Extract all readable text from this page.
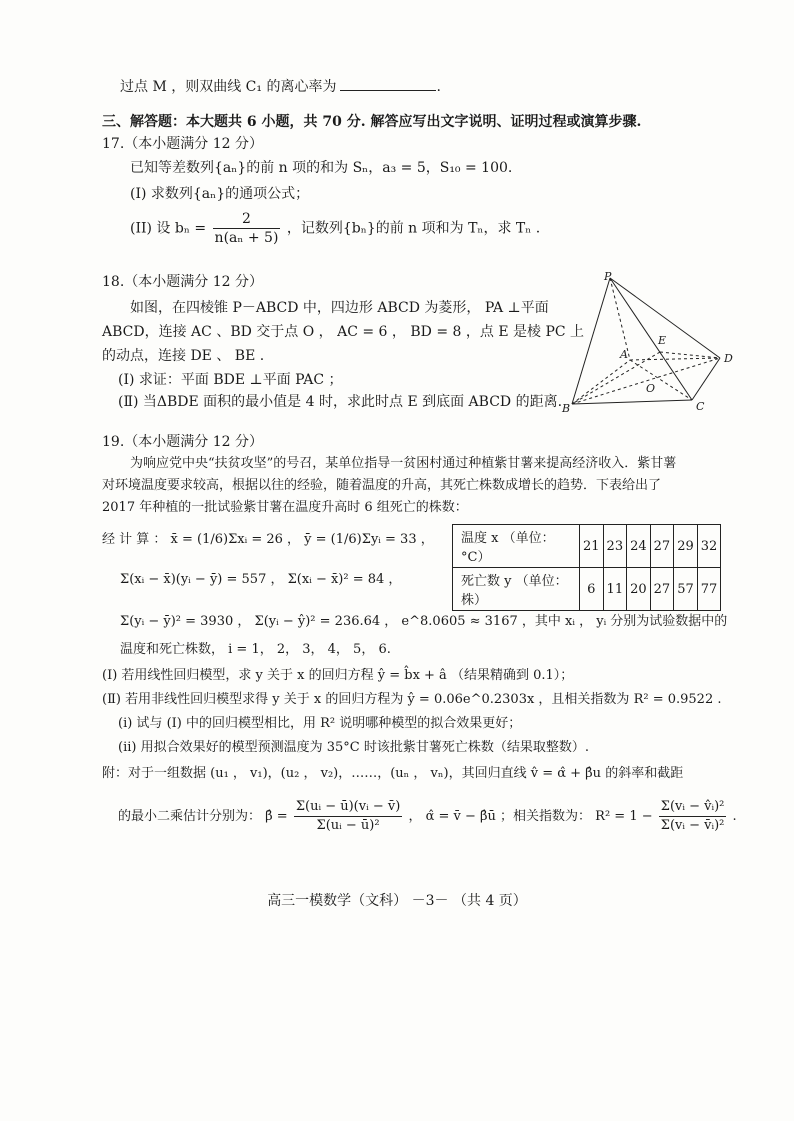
过点 M ，则双曲线 C₁ 的离心率为	.
三、解答题：本大题共 6 小题，共 70 分. 解答应写出文字说明、证明过程或演算步骤.
17.（本小题满分 12 分）
已知等差数列{aₙ}的前 n 项的和为 Sₙ，a₃ = 5，S₁₀ = 100.
(I) 求数列{aₙ}的通项公式；
(II) 设 $b_n = \frac{2}{\text{n(aₙ + 5)}}$ ，记数列{bₙ}的前 n 项和为 Tₙ，求 Tₙ .
18.（本小题满分 12 分）
如图，在四棱锥 P－ABCD 中，四边形 ABCD 为菱形， PA ⊥平面
ABCD，连接 AC 、BD 交于点 O ， AC = 6 ， BD = 8 ，点 E 是棱 PC 上
的动点，连接 DE 、 BE .
(Ⅰ) 求证：平面 BDE ⊥平面 PAC ；
(Ⅱ) 当ΔBDE 面积的最小值是 4 时，求此时点 E 到底面 ABCD 的距离.
P
A
B	C
D
E
O
19.（本小题满分 12 分）
为响应党中央“扶贫攻坚”的号召，某单位指导一贫困村通过种植紫甘薯来提高经济收入．紫甘薯
对环境温度要求较高，根据以往的经验，随着温度的升高，其死亡株数成增长的趋势．下表给出了
2017 年种植的一批试验紫甘薯在温度升高时 6 组死亡的株数：
经 计 算 ： x̄ = (1/6)Σxᵢ = 26 ， ȳ = (1/6)Σyᵢ = 33 ，
Σ(xᵢ − x̄)(yᵢ − ȳ) = 557 ， Σ(xᵢ − x̄)² = 84 ，
Σ(yᵢ − ȳ)² = 3930 ， Σ(yᵢ − ŷ)² = 236.64 ， e^8.0605 ≈ 3167 ，其中 xᵢ ， yᵢ 分别为试验数据中的
温度和死亡株数， i = 1， 2， 3， 4， 5， 6.
温度 x （单位： °C）	21	23	24	27	29	32
死亡数 y （单位：株）	6	11	20	27	57	77
(Ⅰ) 若用线性回归模型，求 y 关于 x 的回归方程 ŷ = b̂x + â （结果精确到 0.1）；
(Ⅱ) 若用非线性回归模型求得 y 关于 x 的回归方程为 ŷ = 0.06e^0.2303x ，且相关指数为 R² = 0.9522 .
(i) 试与 (Ⅰ) 中的回归模型相比，用 R² 说明哪种模型的拟合效果更好；
(ii) 用拟合效果好的模型预测温度为 35°C 时该批紫甘薯死亡株数（结果取整数）.
附：对于一组数据 (u₁ ， v₁)，(u₂ ， v₂)，……，(uₙ ， vₙ)，其回归直线 v̂ = α̂ + β̂u 的斜率和截距
的最小二乘估计分别为： β̂ = $\frac{\text{Σ(uᵢ − ū)(vᵢ − v̄)}}{\text{Σ(uᵢ − ū)²}}$ ， α̂ = v̄ − β̂ū ；相关指数为： $R^2 = 1 - \frac{\text{Σ(vᵢ − v̂ᵢ)²}}{\text{Σ(vᵢ − v̄ᵢ)²}}$ .
高三一模数学（文科） －3－ （共 4 页）
